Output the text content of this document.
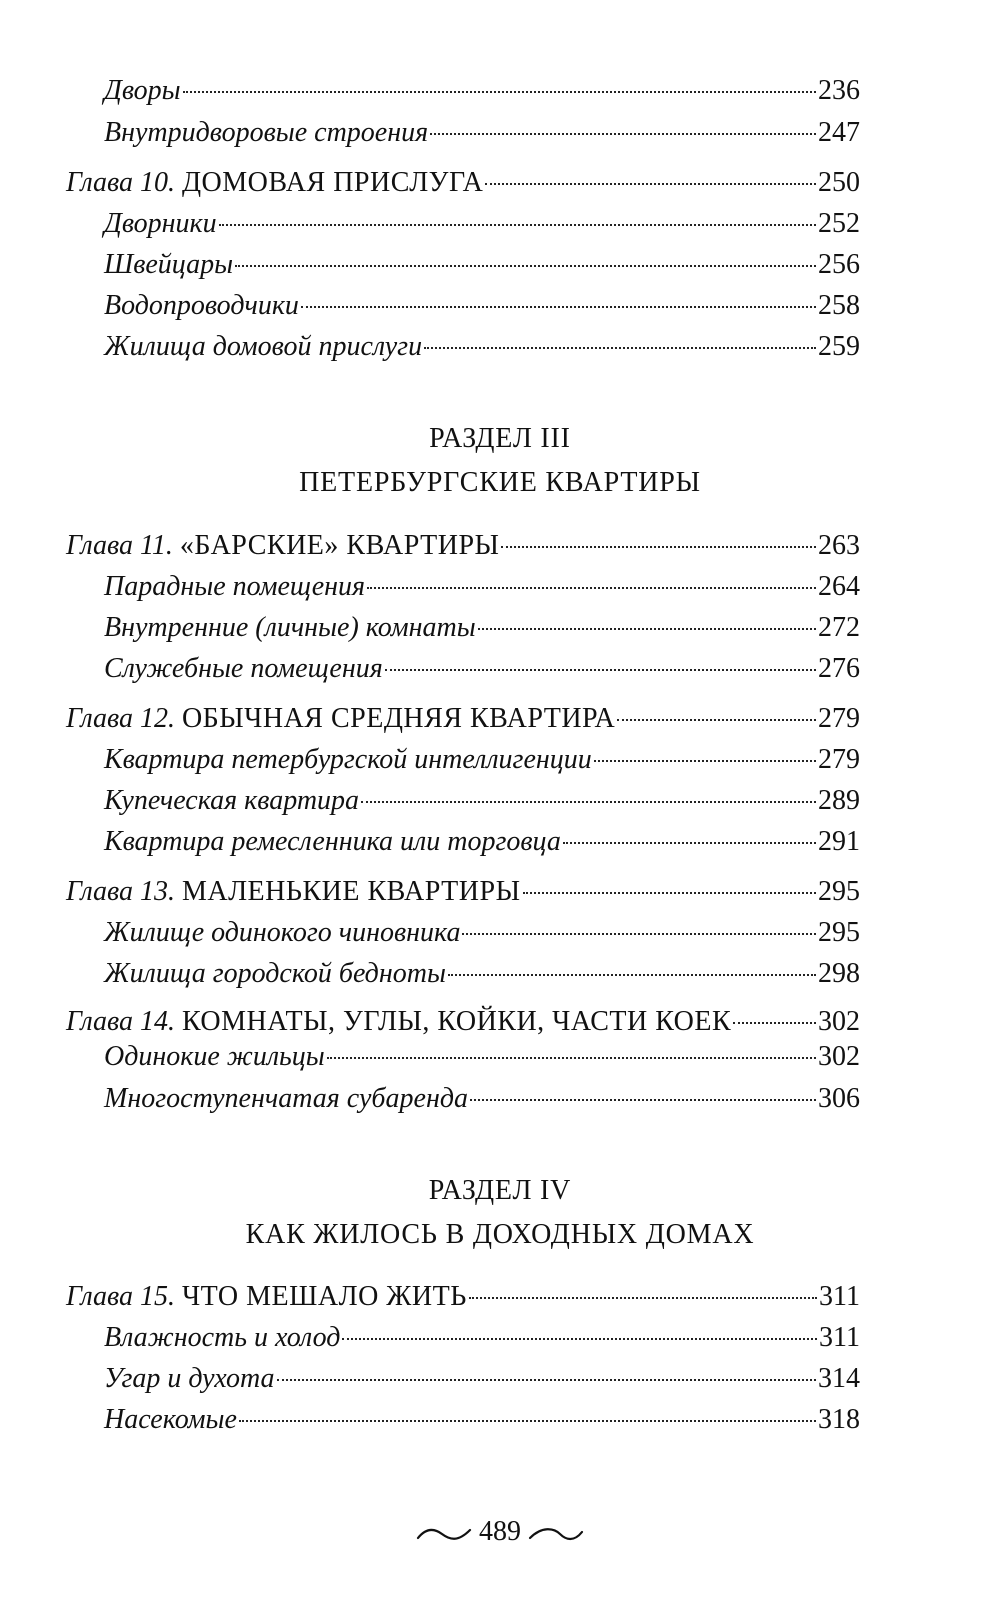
Дворы	236
Внутридворовые строения	247
Глава 10. ДОМОВАЯ ПРИСЛУГА	250
Дворники	252
Швейцары	256
Водопроводчики	258
Жилища домовой прислуги	259
РАЗДЕЛ III
ПЕТЕРБУРГСКИЕ КВАРТИРЫ
Глава 11. «БАРСКИЕ» КВАРТИРЫ	263
Парадные помещения	264
Внутренние (личные) комнаты	272
Служебные помещения	276
Глава 12. ОБЫЧНАЯ СРЕДНЯЯ КВАРТИРА	279
Квартира петербургской интеллигенции	279
Купеческая квартира	289
Квартира ремесленника или торговца	291
Глава 13. МАЛЕНЬКИЕ КВАРТИРЫ	295
Жилище одинокого чиновника	295
Жилища городской бедноты	298
Глава 14. КОМНАТЫ, УГЛЫ, КОЙКИ, ЧАСТИ КОЕК	302
Одинокие жильцы	302
Многоступенчатая субаренда	306
РАЗДЕЛ IV
КАК ЖИЛОСЬ В ДОХОДНЫХ ДОМАХ
Глава 15. ЧТО МЕШАЛО ЖИТЬ	311
Влажность и холод	311
Угар и духота	314
Насекомые	318
489
